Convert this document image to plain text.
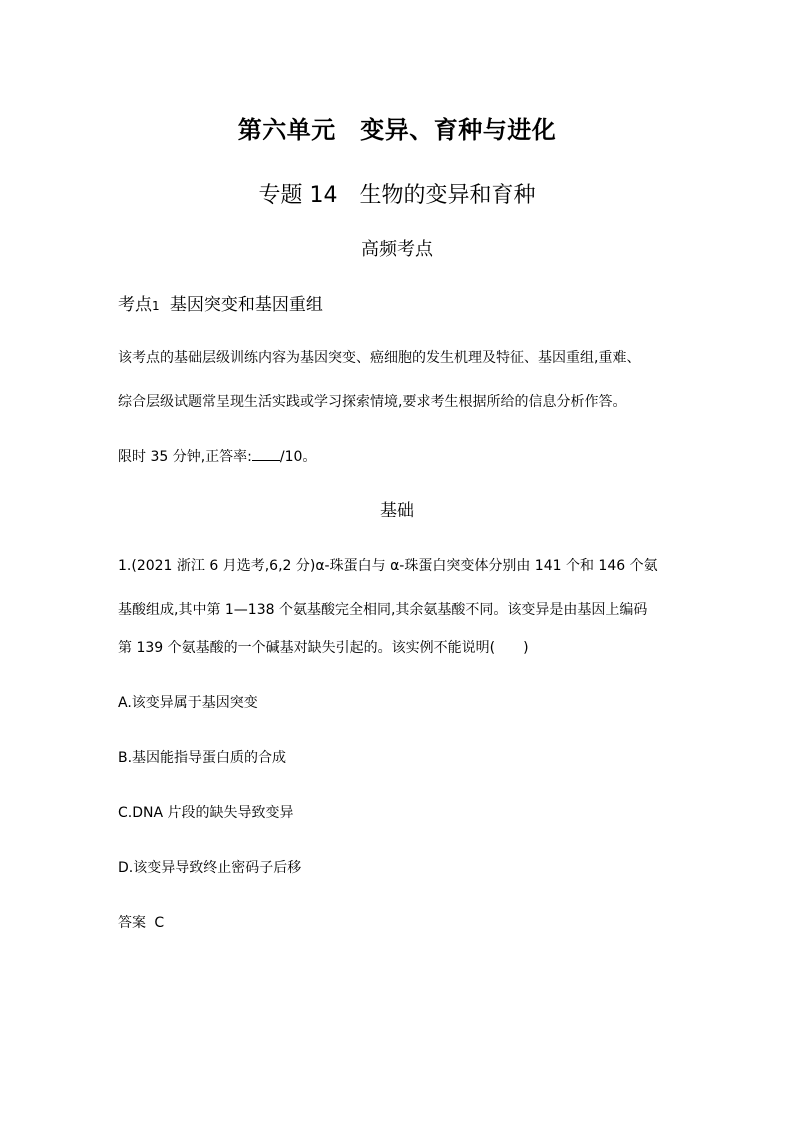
第六单元　变异、育种与进化
专题 14　生物的变异和育种
高频考点
考点1 基因突变和基因重组
该考点的基础层级训练内容为基因突变、癌细胞的发生机理及特征、基因重组,重难、
综合层级试题常呈现生活实践或学习探索情境,要求考生根据所给的信息分析作答。
限时 35 分钟,正答率: /10。
基础
1.(2021 浙江 6 月选考,6,2 分)α-珠蛋白与 α-珠蛋白突变体分别由 141 个和 146 个氨
基酸组成,其中第 1—138 个氨基酸完全相同,其余氨基酸不同。该变异是由基因上编码
第 139 个氨基酸的一个碱基对缺失引起的。该实例不能说明( )
A.该变异属于基因突变
B.基因能指导蛋白质的合成
C.DNA 片段的缺失导致变异
D.该变异导致终止密码子后移
答案 C
